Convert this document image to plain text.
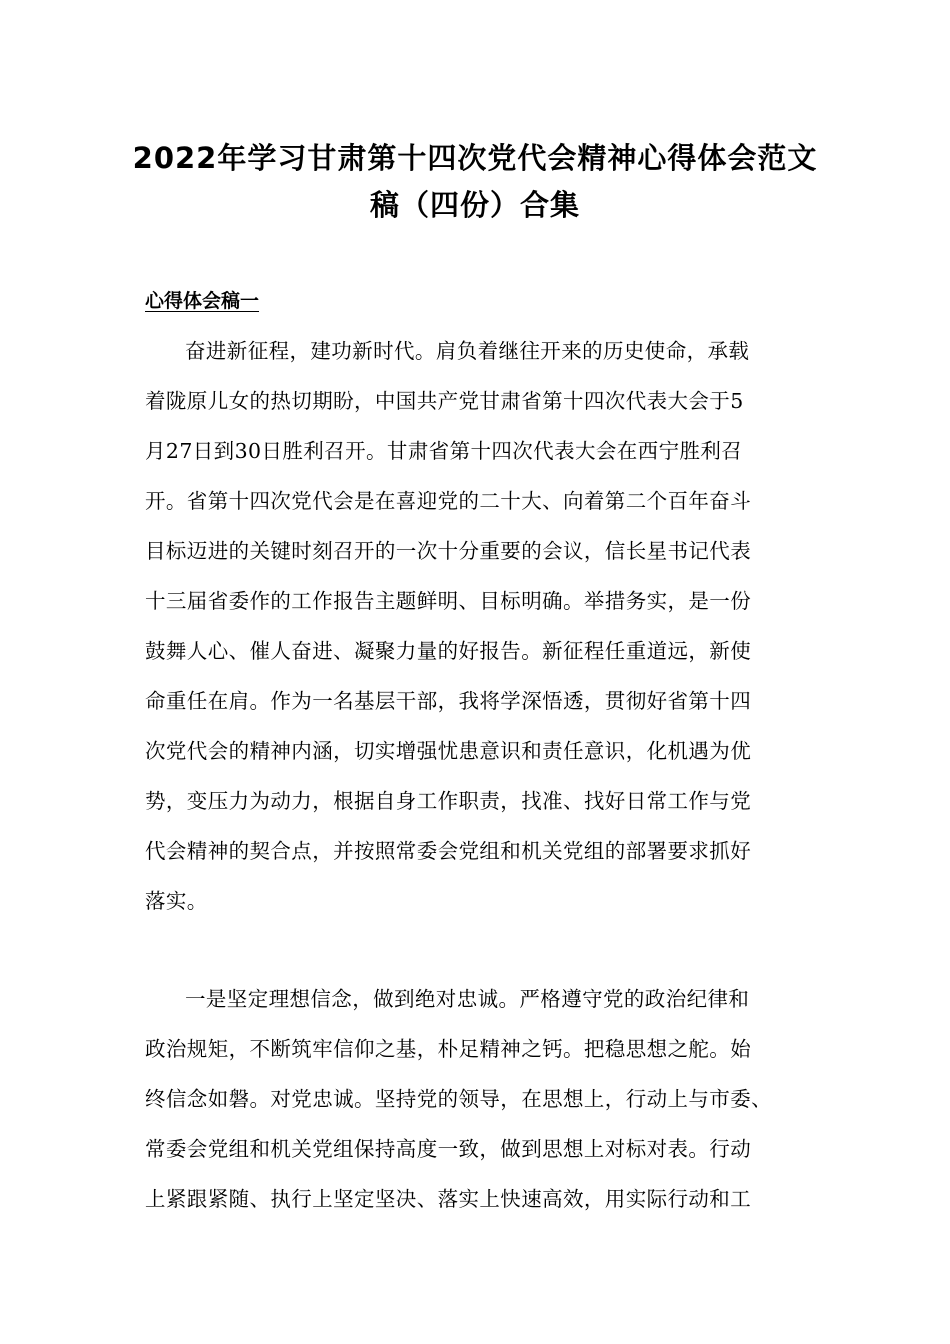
2022年学习甘肃第十四次党代会精神心得体会范文
稿（四份）合集
心得体会稿一
奋进新征程，建功新时代。肩负着继往开来的历史使命，承载
着陇原儿女的热切期盼，中国共产党甘肃省第十四次代表大会于5
月27日到30日胜利召开。甘肃省第十四次代表大会在西宁胜利召
开。省第十四次党代会是在喜迎党的二十大、向着第二个百年奋斗
目标迈进的关键时刻召开的一次十分重要的会议，信长星书记代表
十三届省委作的工作报告主题鲜明、目标明确。举措务实，是一份
鼓舞人心、催人奋进、凝聚力量的好报告。新征程任重道远，新使
命重任在肩。作为一名基层干部，我将学深悟透，贯彻好省第十四
次党代会的精神内涵，切实增强忧患意识和责任意识，化机遇为优
势，变压力为动力，根据自身工作职责，找准、找好日常工作与党
代会精神的契合点，并按照常委会党组和机关党组的部署要求抓好
落实。
一是坚定理想信念，做到绝对忠诚。严格遵守党的政治纪律和
政治规矩，不断筑牢信仰之基，朴足精神之钙。把稳思想之舵。始
终信念如磐。对党忠诚。坚持党的领导，在思想上，行动上与市委、
常委会党组和机关党组保持高度一致，做到思想上对标对表。行动
上紧跟紧随、执行上坚定坚决、落实上快速高效，用实际行动和工
